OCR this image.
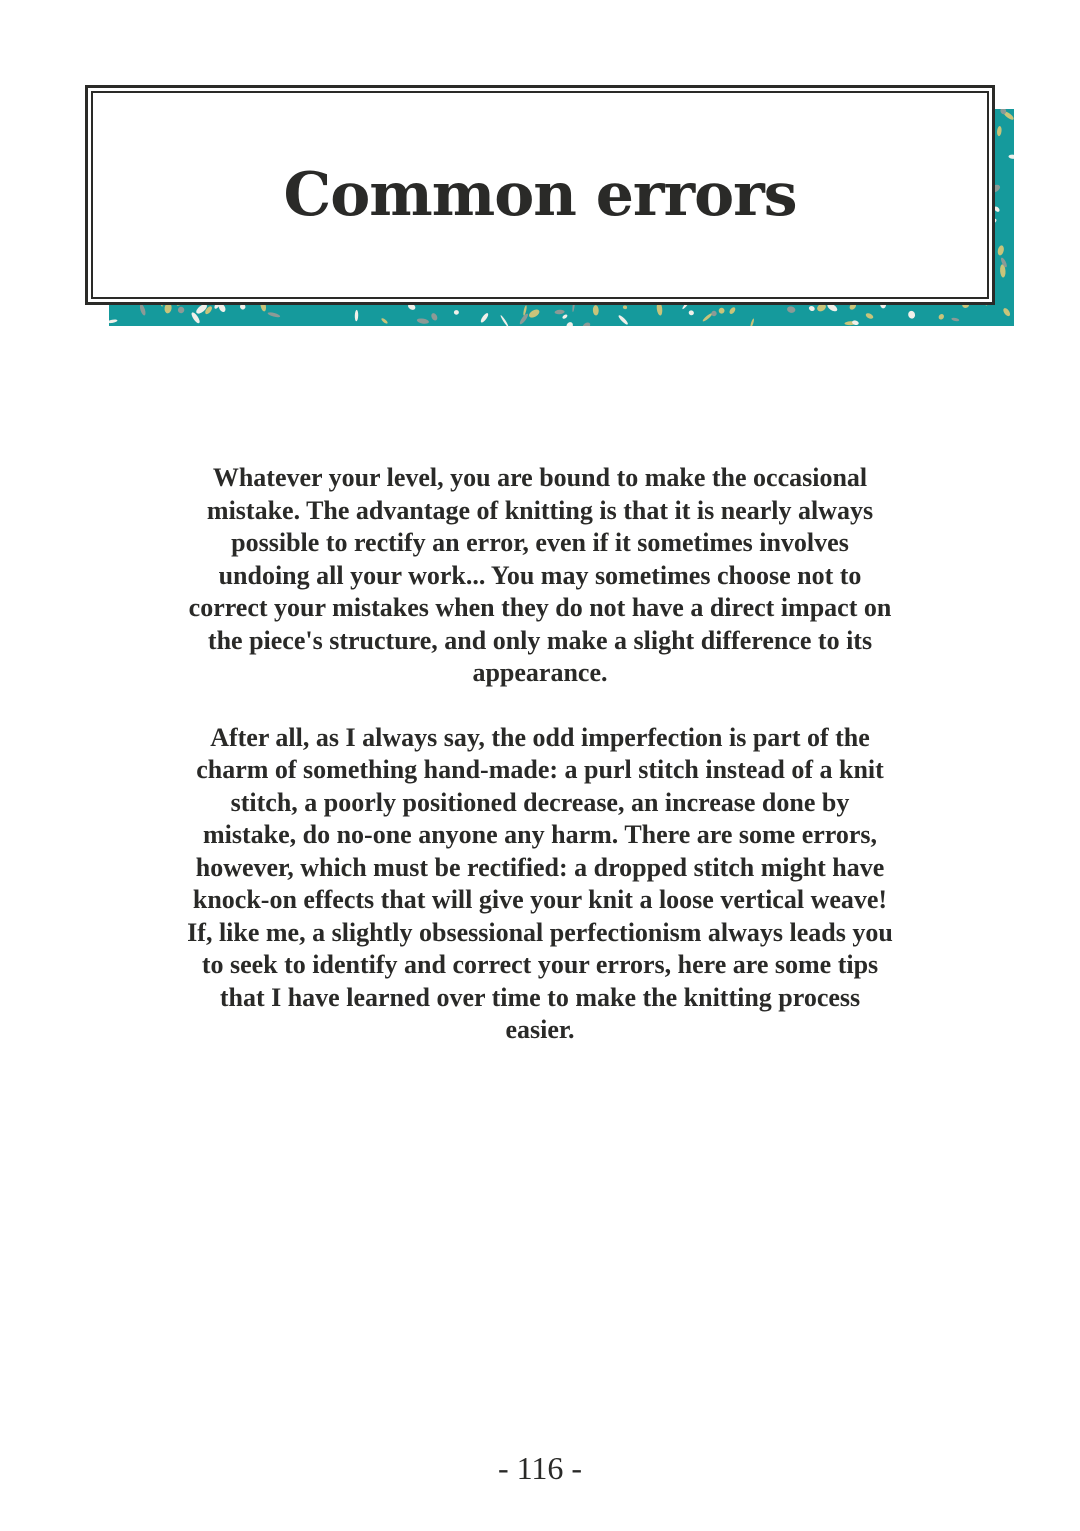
Common errors

Whatever your level, you are bound to make the occasional mistake. The advantage of knitting is that it is nearly always possible to rectify an error, even if it sometimes involves undoing all your work... You may sometimes choose not to correct your mistakes when they do not have a direct impact on the piece's structure, and only make a slight difference to its appearance.

After all, as I always say, the odd imperfection is part of the charm of something hand-made: a purl stitch instead of a knit stitch, a poorly positioned decrease, an increase done by mistake, do no-one anyone any harm. There are some errors, however, which must be rectified: a dropped stitch might have knock-on effects that will give your knit a loose vertical weave! If, like me, a slightly obsessional perfectionism always leads you to seek to identify and correct your errors, here are some tips that I have learned over time to make the knitting process easier.

- 116 -
